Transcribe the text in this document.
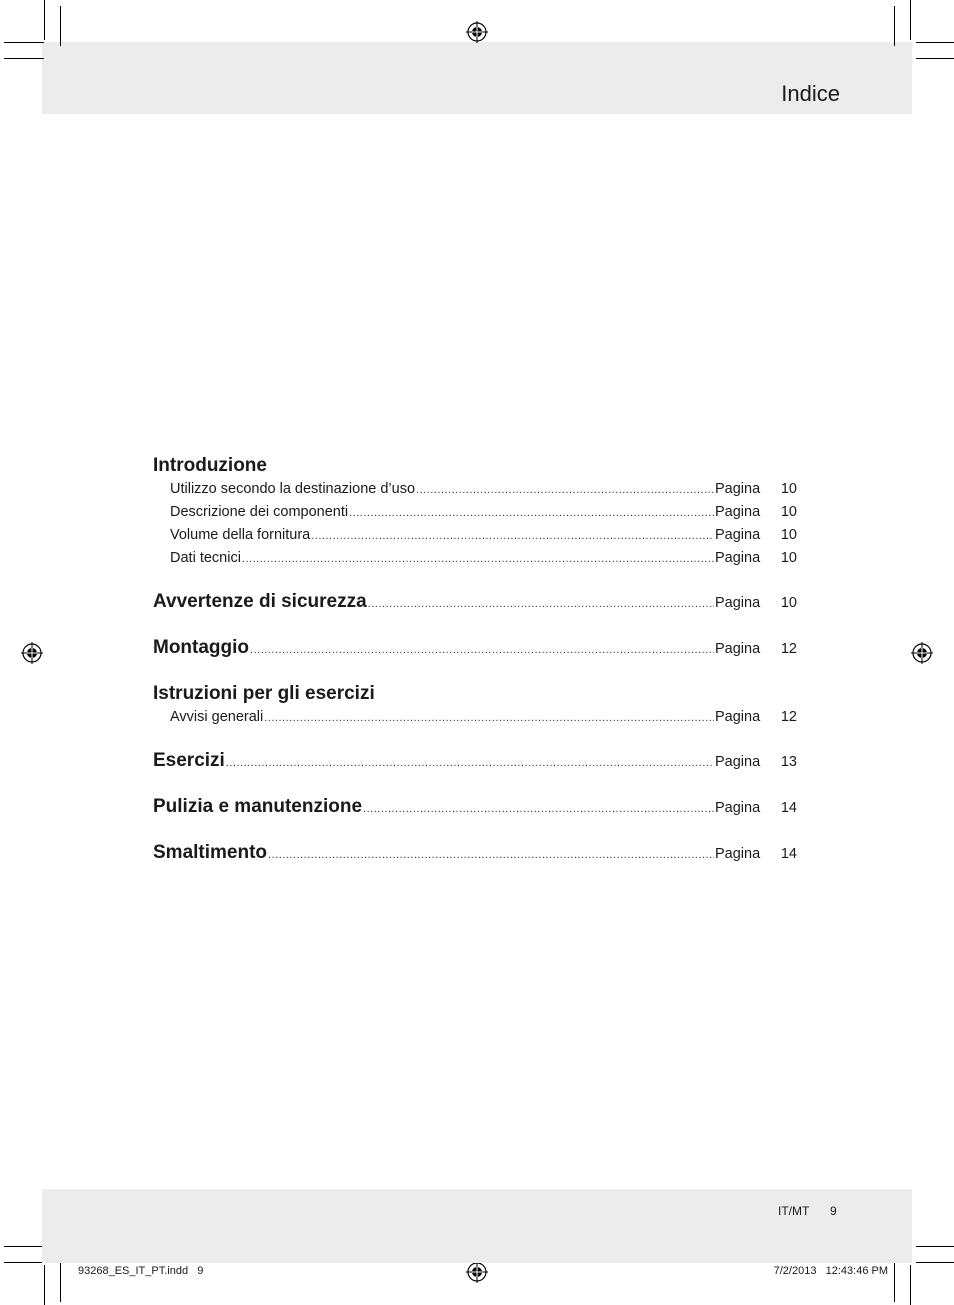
Indice
Introduzione
Utilizzo secondo la destinazione d’uso .....	Pagina	10
Descrizione dei componenti .....	Pagina	10
Volume della fornitura .....	Pagina	10
Dati tecnici .....	Pagina	10
Avvertenze di sicurezza .....	Pagina	10
Montaggio .....	Pagina	12
Istruzioni per gli esercizi
Avvisi generali .....	Pagina	12
Esercizi .....	Pagina	13
Pulizia e manutenzione .....	Pagina	14
Smaltimento .....	Pagina	14
IT/MT 9
93268_ES_IT_PT.indd   9	7/2/2013   12:43:46 PM
